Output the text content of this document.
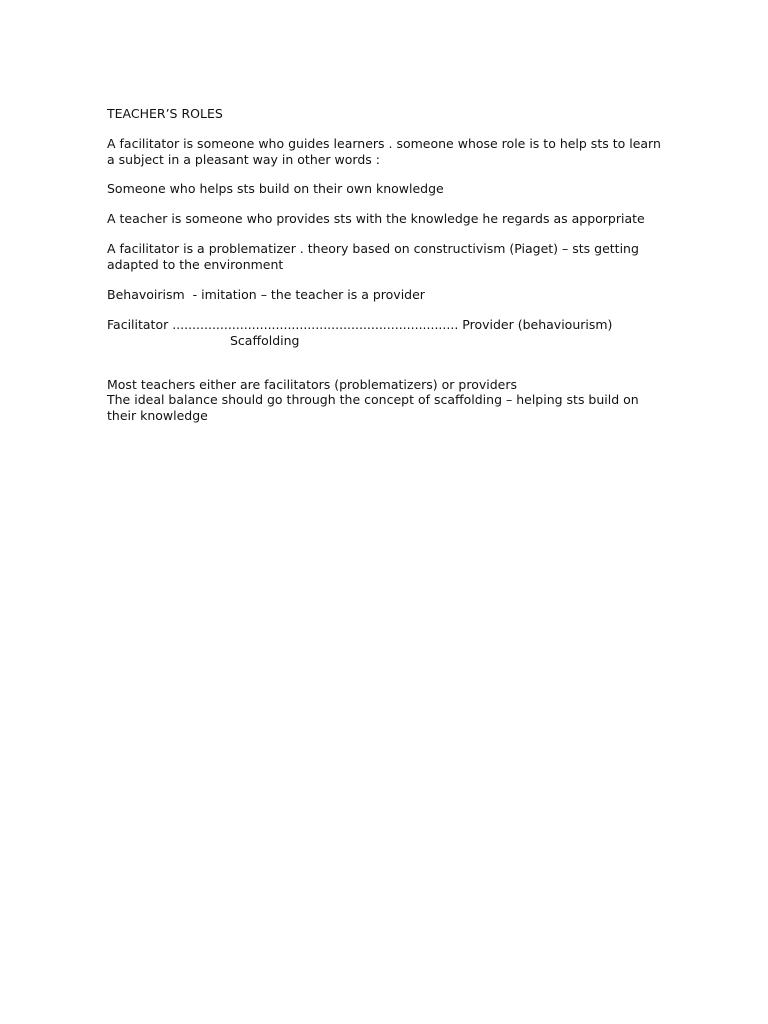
TEACHER’S ROLES

A facilitator is someone who guides learners . someone whose role is to help sts to learn a subject in a pleasant way in other words :

Someone who helps sts build on their own knowledge

A teacher is someone who provides sts with the knowledge he regards as apporpriate

A facilitator is a problematizer . theory based on constructivism (Piaget) – sts getting adapted to the environment

Behavoirism  - imitation – the teacher is a provider

Facilitator ........................................................................ Provider (behaviourism)

Scaffolding

Most teachers either are facilitators (problematizers) or providers

The ideal balance should go through the concept of scaffolding – helping sts build on their knowledge
